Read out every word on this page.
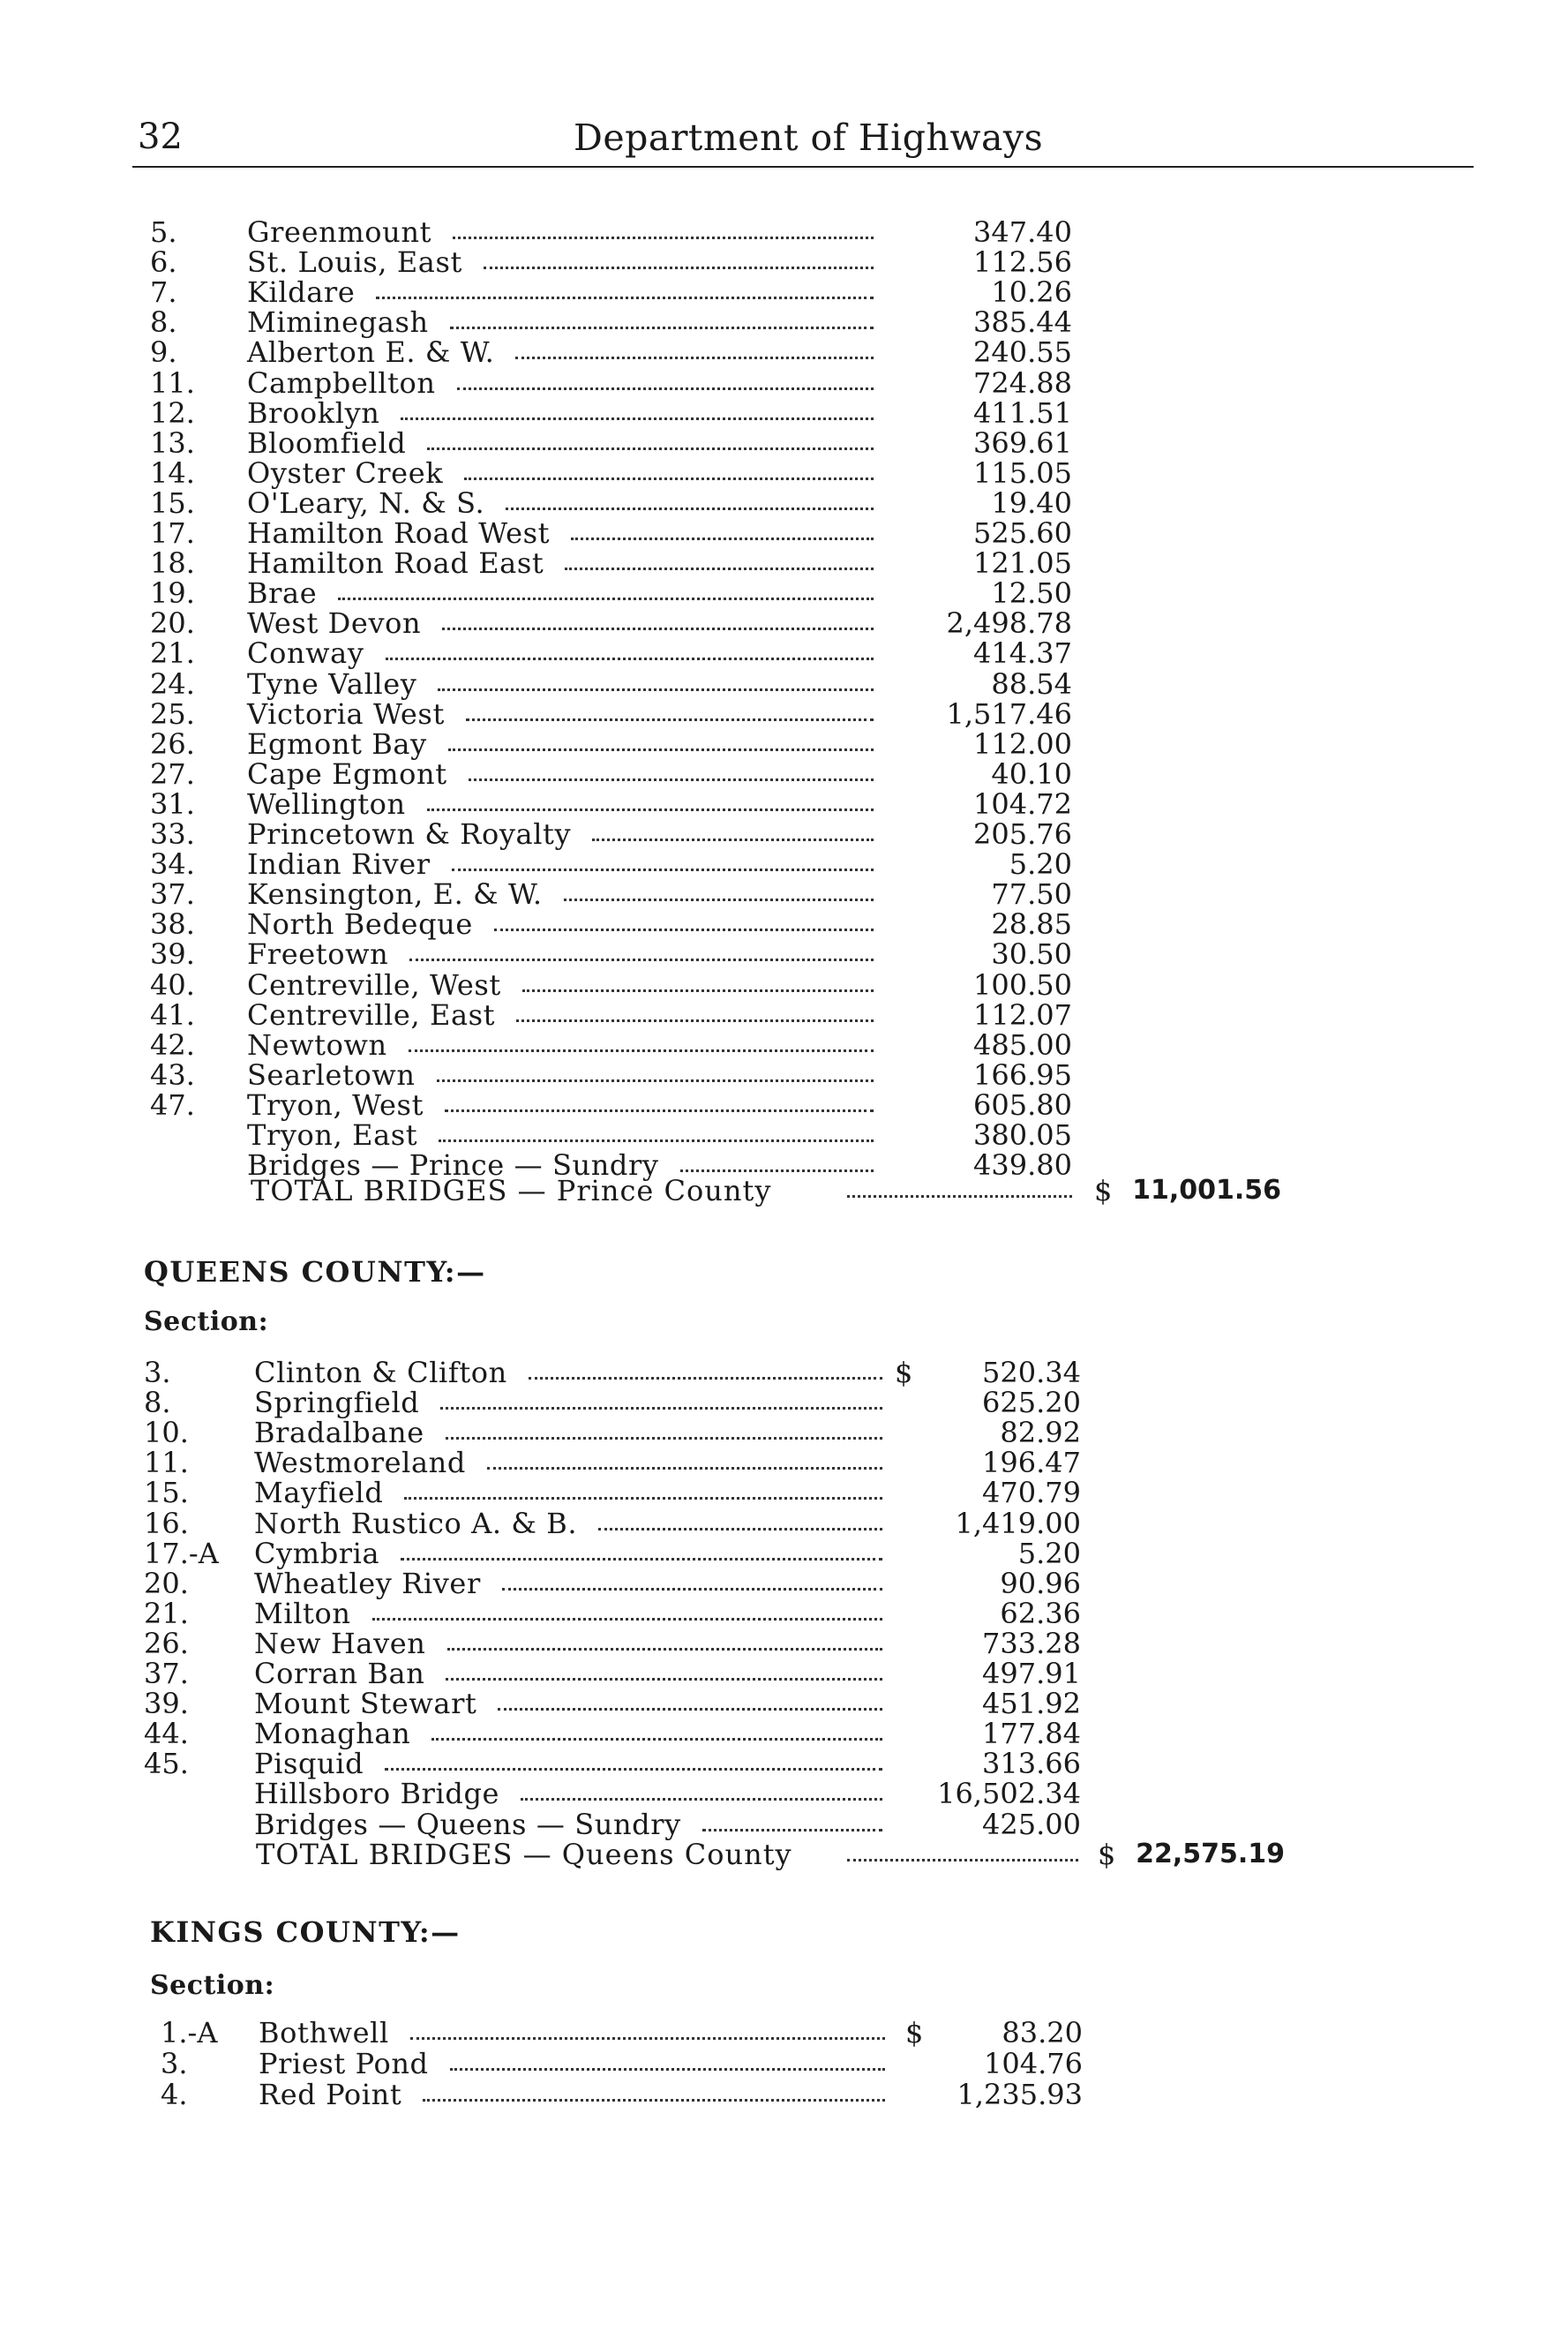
32	Department of Highways
5. Greenmount	347.40
6. St. Louis, East	112.56
7. Kildare	10.26
8. Miminegash	385.44
9. Alberton E. & W.	240.55
11. Campbellton	724.88
12. Brooklyn	411.51
13. Bloomfield	369.61
14. Oyster Creek	115.05
15. O'Leary, N. & S.	19.40
17. Hamilton Road West	525.60
18. Hamilton Road East	121.05
19. Brae	12.50
20. West Devon	2,498.78
21. Conway	414.37
24. Tyne Valley	88.54
25. Victoria West	1,517.46
26. Egmont Bay	112.00
27. Cape Egmont	40.10
31. Wellington	104.72
33. Princetown & Royalty	205.76
34. Indian River	5.20
37. Kensington, E. & W.	77.50
38. North Bedeque	28.85
39. Freetown	30.50
40. Centreville, West	100.50
41. Centreville, East	112.07
42. Newtown	485.00
43. Searletown	166.95
47. Tryon, West	605.80
Tryon, East	380.05
Bridges — Prince — Sundry	439.80
TOTAL BRIDGES — Prince County	$ 11,001.56
QUEENS COUNTY:—
Section:
3.	Clinton & Clifton	$	520.34
8.	Springfield	625.20
10. Bradalbane	82.92
11. Westmoreland	196.47
15. Mayfield	470.79
16. North Rustico A. & B.	1,419.00
17.-A Cymbria	5.20
20. Wheatley River	90.96
21. Milton	62.36
26. New Haven	733.28
37. Corran Ban	497.91
39. Mount Stewart	451.92
44. Monaghan	177.84
45. Pisquid	313.66
Hillsboro Bridge	16,502.34
Bridges — Queens — Sundry	425.00
TOTAL BRIDGES — Queens County	$ 22,575.19
KINGS COUNTY:—
Section:
1.-A Bothwell	$	83.20
3.	Priest Pond	104.76
4.	Red Point	1,235.93
